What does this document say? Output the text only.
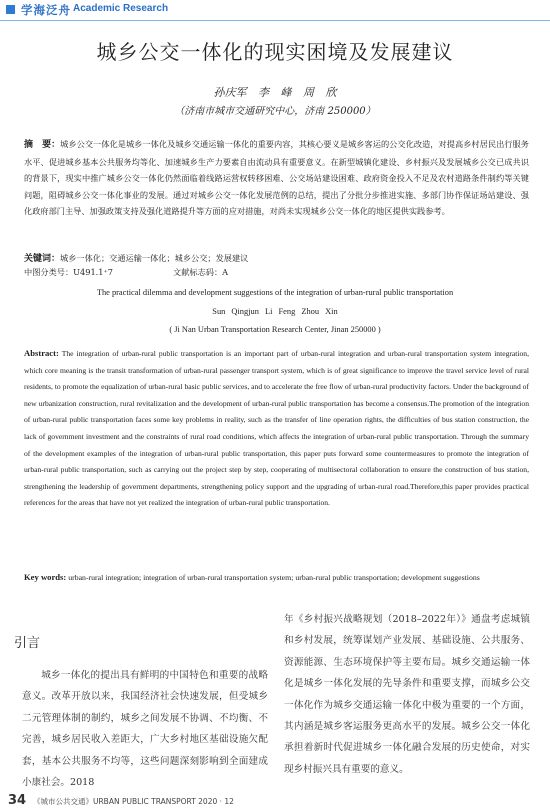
学海泛舟 Academic Research
城乡公交一体化的现实困境及发展建议
孙庆军 李 峰 周 欣
（济南市城市交通研究中心，济南 250000）
摘　要：城乡公交一体化是城乡一体化及城乡交通运输一体化的重要内容，其核心要义是城乡客运的公交化改造，对提高乡村居民出行服务水平、促进城乡基本公共服务均等化、加速城乡生产力要素自由流动具有重要意义。在新型城镇化建设、乡村振兴及发展城乡公交已成共识的背景下，现实中推广城乡公交一体化仍然面临着线路运营权转移困难、公交场站建设困难、政府资金投入不足及农村道路条件制约等关键问题，阻碍城乡公交一体化事业的发展。通过对城乡公交一体化发展范例的总结，提出了分批分步推进实施、多部门协作保证场站建设、强化政府部门主导、加强政策支持及强化道路提升等方面的应对措施，对尚未实现城乡公交一体化的地区提供实践参考。
关键词：城乡一体化；交通运输一体化；城乡公交；发展建议
中图分类号：U491.1⁺7	文献标志码：A
The practical dilemma and development suggestions of the integration of urban-rural public transportation
Sun Qingjun Li Feng Zhou Xin
( Ji Nan Urban Transportation Research Center, Jinan 250000 )
Abstract: The integration of urban-rural public transportation is an important part of urban-rural integration and urban-rural transportation system integration, which core meaning is the transit transformation of urban-rural passenger transport system, which is of great significance to improve the travel service level of rural residents, to promote the equalization of urban-rural basic public services, and to accelerate the free flow of urban-rural productivity factors. Under the background of new urbanization construction, rural revitalization and the development of urban-rural public transportation has become a consensus.The promotion of the integration of urban-rural public transportation faces some key problems in reality, such as the transfer of line operation rights, the difficulties of bus station construction, the lack of government investment and the constraints of rural road conditions, which affects the integration of urban-rural public transportation. Through the summary of the development examples of the integration of urban-rural public transportation, this paper puts forward some countermeasures to promote the integration of urban-rural public transportation, such as carrying out the project step by step, cooperating of multisectoral collaboration to ensure the construction of bus station, strengthening the leadership of government departments, strengthening policy support and the upgrading of urban-rural road.Therefore,this paper provides practical references for the areas that have not yet realized the integration of urban-rural public transportation.
Key words: urban-rural integration; integration of urban-rural transportation system; urban-rural public transportation; development suggestions
引言
城乡一体化的提出具有鲜明的中国特色和重要的战略意义。改革开放以来，我国经济社会快速发展，但受城乡二元管理体制的制约，城乡之间发展不协调、不均衡、不完善，城乡居民收入差距大，广大乡村地区基础设施欠配套，基本公共服务不均等，这些问题深刻影响到全面建成小康社会。2018
年《乡村振兴战略规划（2018–2022年）》通盘考虑城镇和乡村发展，统筹谋划产业发展、基础设施、公共服务、资源能源、生态环境保护等主要布局。城乡交通运输一体化是城乡一体化发展的先导条件和重要支撑，而城乡公交一体化作为城乡交通运输一体化中极为重要的一个方面，其内涵是城乡客运服务更高水平的发展。城乡公交一体化承担着新时代促进城乡一体化融合发展的历史使命，对实现乡村振兴具有重要的意义。
34 《城市公共交通》URBAN PUBLIC TRANSPORT 2020 · 12
